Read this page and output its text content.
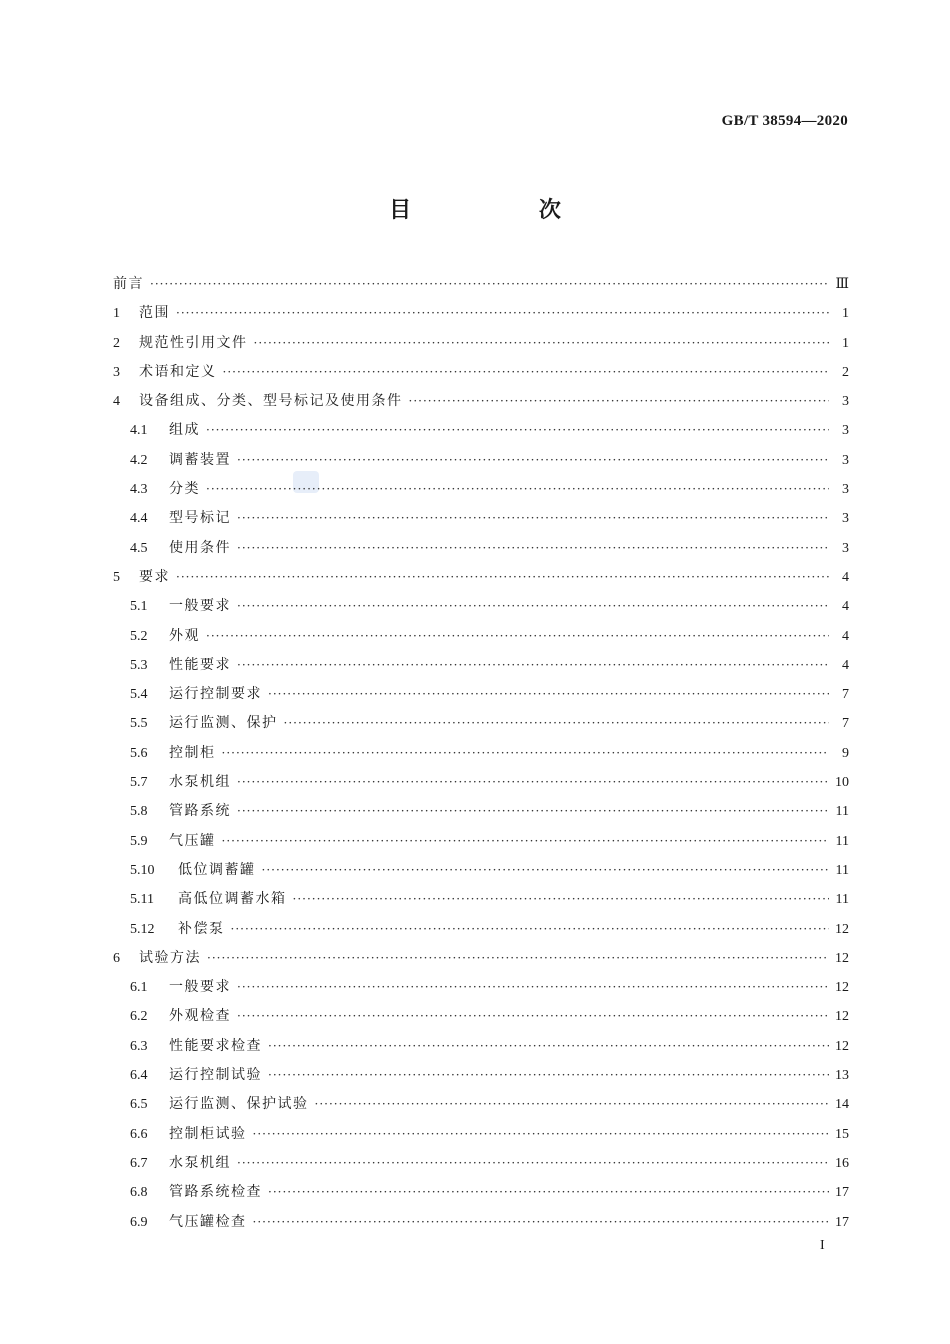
GB/T 38594—2020
目 次
前言 ·····	Ⅲ
1	范围 ·····	1
2	规范性引用文件 ·····	1
3	术语和定义 ·····	2
4	设备组成、分类、型号标记及使用条件 ·····	3
4.1	组成 ·····	3
4.2	调蓄装置 ·····	3
4.3	分类 ·····	3
4.4	型号标记 ·····	3
4.5	使用条件 ·····	3
5	要求 ·····	4
5.1	一般要求 ·····	4
5.2	外观 ·····	4
5.3	性能要求 ·····	4
5.4	运行控制要求 ·····	7
5.5	运行监测、保护 ·····	7
5.6	控制柜 ·····	9
5.7	水泵机组 ·····	10
5.8	管路系统 ·····	11
5.9	气压罐 ·····	11
5.10	低位调蓄罐 ·····	11
5.11	高低位调蓄水箱 ·····	11
5.12	补偿泵 ·····	12
6	试验方法 ·····	12
6.1	一般要求 ·····	12
6.2	外观检查 ·····	12
6.3	性能要求检查 ·····	12
6.4	运行控制试验 ·····	13
6.5	运行监测、保护试验 ·····	14
6.6	控制柜试验 ·····	15
6.7	水泵机组 ·····	16
6.8	管路系统检查 ·····	17
6.9	气压罐检查 ·····	17
I
